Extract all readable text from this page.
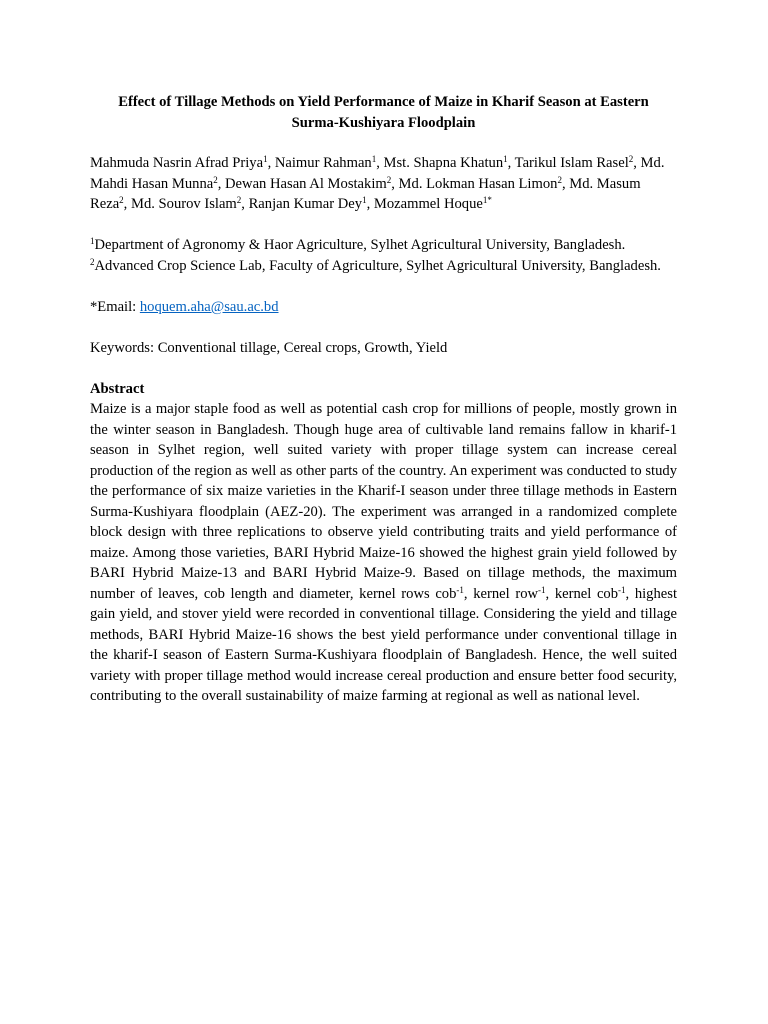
Effect of Tillage Methods on Yield Performance of Maize in Kharif Season at Eastern
Surma-Kushiyara Floodplain
Mahmuda Nasrin Afrad Priya$^1$, Naimur Rahman$^1$, Mst. Shapna Khatun$^1$, Tarikul Islam Rasel$^2$, Md. Mahdi Hasan Munna$^2$, Dewan Hasan Al Mostakim$^2$, Md. Lokman Hasan Limon$^2$, Md. Masum Reza$^2$, Md. Sourov Islam$^2$, Ranjan Kumar Dey$^1$, Mozammel Hoque$^{1*}$
$^1$Department of Agronomy & Haor Agriculture, Sylhet Agricultural University, Bangladesh.
$^2$Advanced Crop Science Lab, Faculty of Agriculture, Sylhet Agricultural University, Bangladesh.
*Email: hoquem.aha@sau.ac.bd
Keywords: Conventional tillage, Cereal crops, Growth, Yield
Abstract
Maize is a major staple food as well as potential cash crop for millions of people, mostly grown in the winter season in Bangladesh. Though huge area of cultivable land remains fallow in kharif-1 season in Sylhet region, well suited variety with proper tillage system can increase cereal production of the region as well as other parts of the country. An experiment was conducted to study the performance of six maize varieties in the Kharif-I season under three tillage methods in Eastern Surma-Kushiyara floodplain (AEZ-20). The experiment was arranged in a randomized complete block design with three replications to observe yield contributing traits and yield performance of maize. Among those varieties, BARI Hybrid Maize-16 showed the highest grain yield followed by BARI Hybrid Maize-13 and BARI Hybrid Maize-9. Based on tillage methods, the maximum number of leaves, cob length and diameter, kernel rows cob$^{-1}$, kernel row$^{-1}$, kernel cob$^{-1}$, highest gain yield, and stover yield were recorded in conventional tillage. Considering the yield and tillage methods, BARI Hybrid Maize-16 shows the best yield performance under conventional tillage in the kharif-I season of Eastern Surma-Kushiyara floodplain of Bangladesh. Hence, the well suited variety with proper tillage method would increase cereal production and ensure better food security, contributing to the overall sustainability of maize farming at regional as well as national level.
